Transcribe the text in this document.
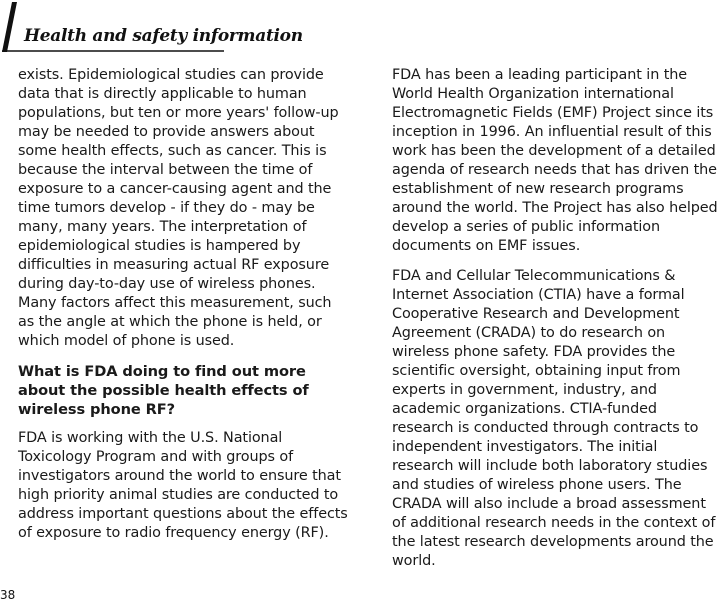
Health and safety information

exists. Epidemiological studies can provide data that is directly applicable to human populations, but ten or more years' follow-up may be needed to provide answers about some health effects, such as cancer. This is because the interval between the time of exposure to a cancer-causing agent and the time tumors develop - if they do - may be many, many years. The interpretation of epidemiological studies is hampered by difficulties in measuring actual RF exposure during day-to-day use of wireless phones. Many factors affect this measurement, such as the angle at which the phone is held, or which model of phone is used.

What is FDA doing to find out more about the possible health effects of wireless phone RF?

FDA is working with the U.S. National Toxicology Program and with groups of investigators around the world to ensure that high priority animal studies are conducted to address important questions about the effects of exposure to radio frequency energy (RF).

FDA has been a leading participant in the World Health Organization international Electromagnetic Fields (EMF) Project since its inception in 1996. An influential result of this work has been the development of a detailed agenda of research needs that has driven the establishment of new research programs around the world. The Project has also helped develop a series of public information documents on EMF issues.

FDA and Cellular Telecommunications & Internet Association (CTIA) have a formal Cooperative Research and Development Agreement (CRADA) to do research on wireless phone safety. FDA provides the scientific oversight, obtaining input from experts in government, industry, and academic organizations. CTIA-funded research is conducted through contracts to independent investigators. The initial research will include both laboratory studies and studies of wireless phone users. The CRADA will also include a broad assessment of additional research needs in the context of the latest research developments around the world.

38
